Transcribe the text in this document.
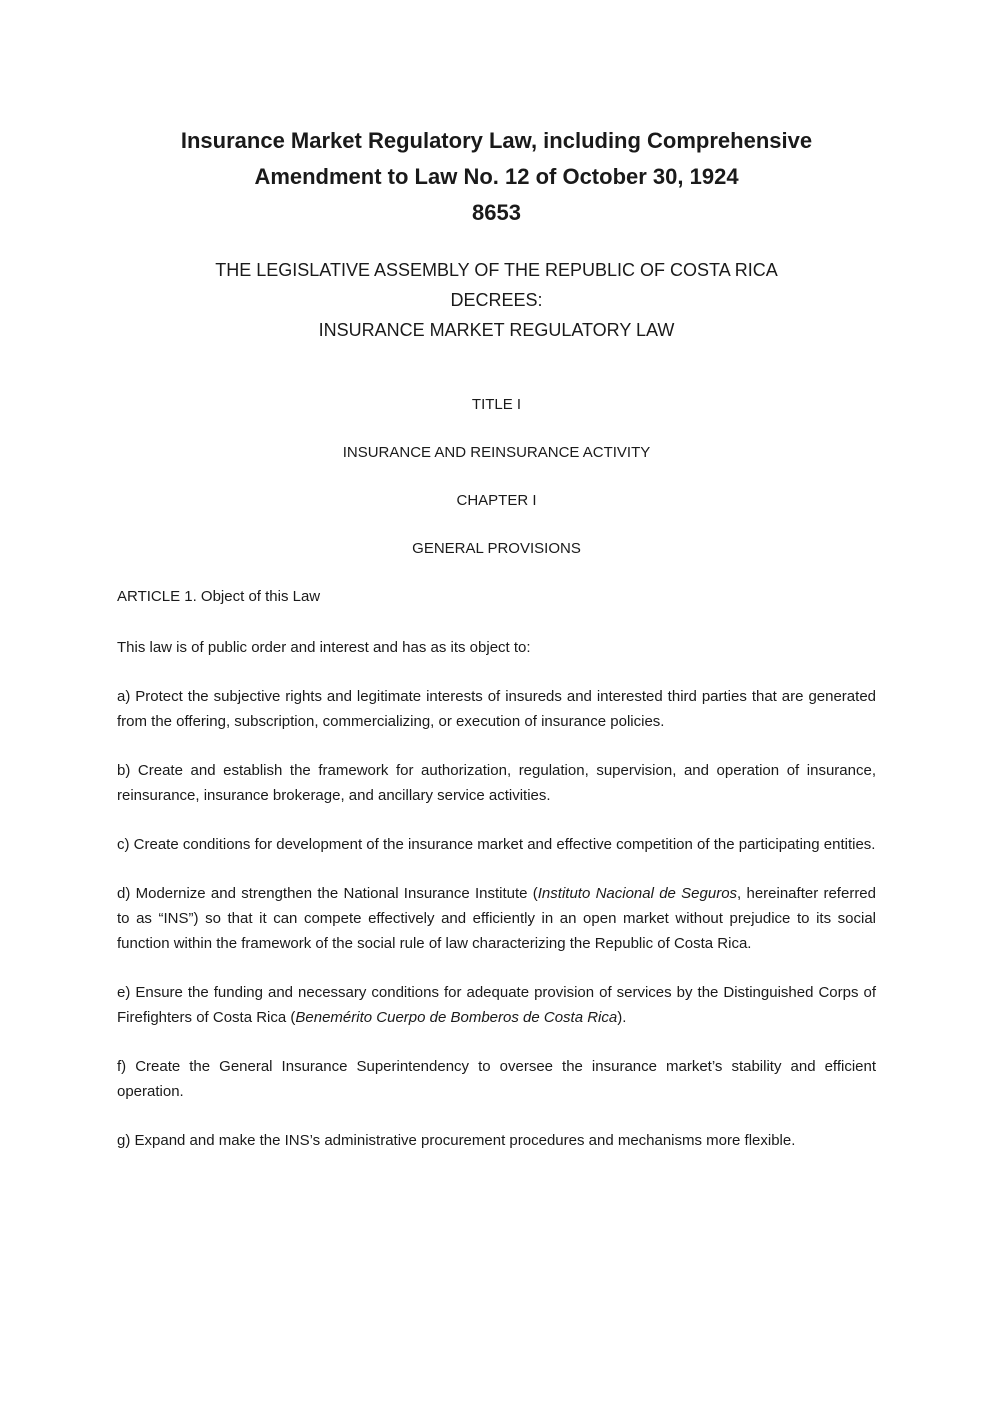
Insurance Market Regulatory Law, including Comprehensive
Amendment to Law No. 12 of October 30, 1924
8653
THE LEGISLATIVE ASSEMBLY OF THE REPUBLIC OF COSTA RICA
DECREES:
INSURANCE MARKET REGULATORY LAW

TITLE I

INSURANCE AND REINSURANCE ACTIVITY

CHAPTER I

GENERAL PROVISIONS

ARTICLE 1. Object of this Law

This law is of public order and interest and has as its object to:

a) Protect the subjective rights and legitimate interests of insureds and interested third parties that are generated from the offering, subscription, commercializing, or execution of insurance policies.

b) Create and establish the framework for authorization, regulation, supervision, and operation of insurance, reinsurance, insurance brokerage, and ancillary service activities.

c) Create conditions for development of the insurance market and effective competition of the participating entities.

d) Modernize and strengthen the National Insurance Institute (Instituto Nacional de Seguros, hereinafter referred to as “INS”) so that it can compete effectively and efficiently in an open market without prejudice to its social function within the framework of the social rule of law characterizing the Republic of Costa Rica.

e) Ensure the funding and necessary conditions for adequate provision of services by the Distinguished Corps of Firefighters of Costa Rica (Benemérito Cuerpo de Bomberos de Costa Rica).

f) Create the General Insurance Superintendency to oversee the insurance market’s stability and efficient operation.

g) Expand and make the INS’s administrative procurement procedures and mechanisms more flexible.
